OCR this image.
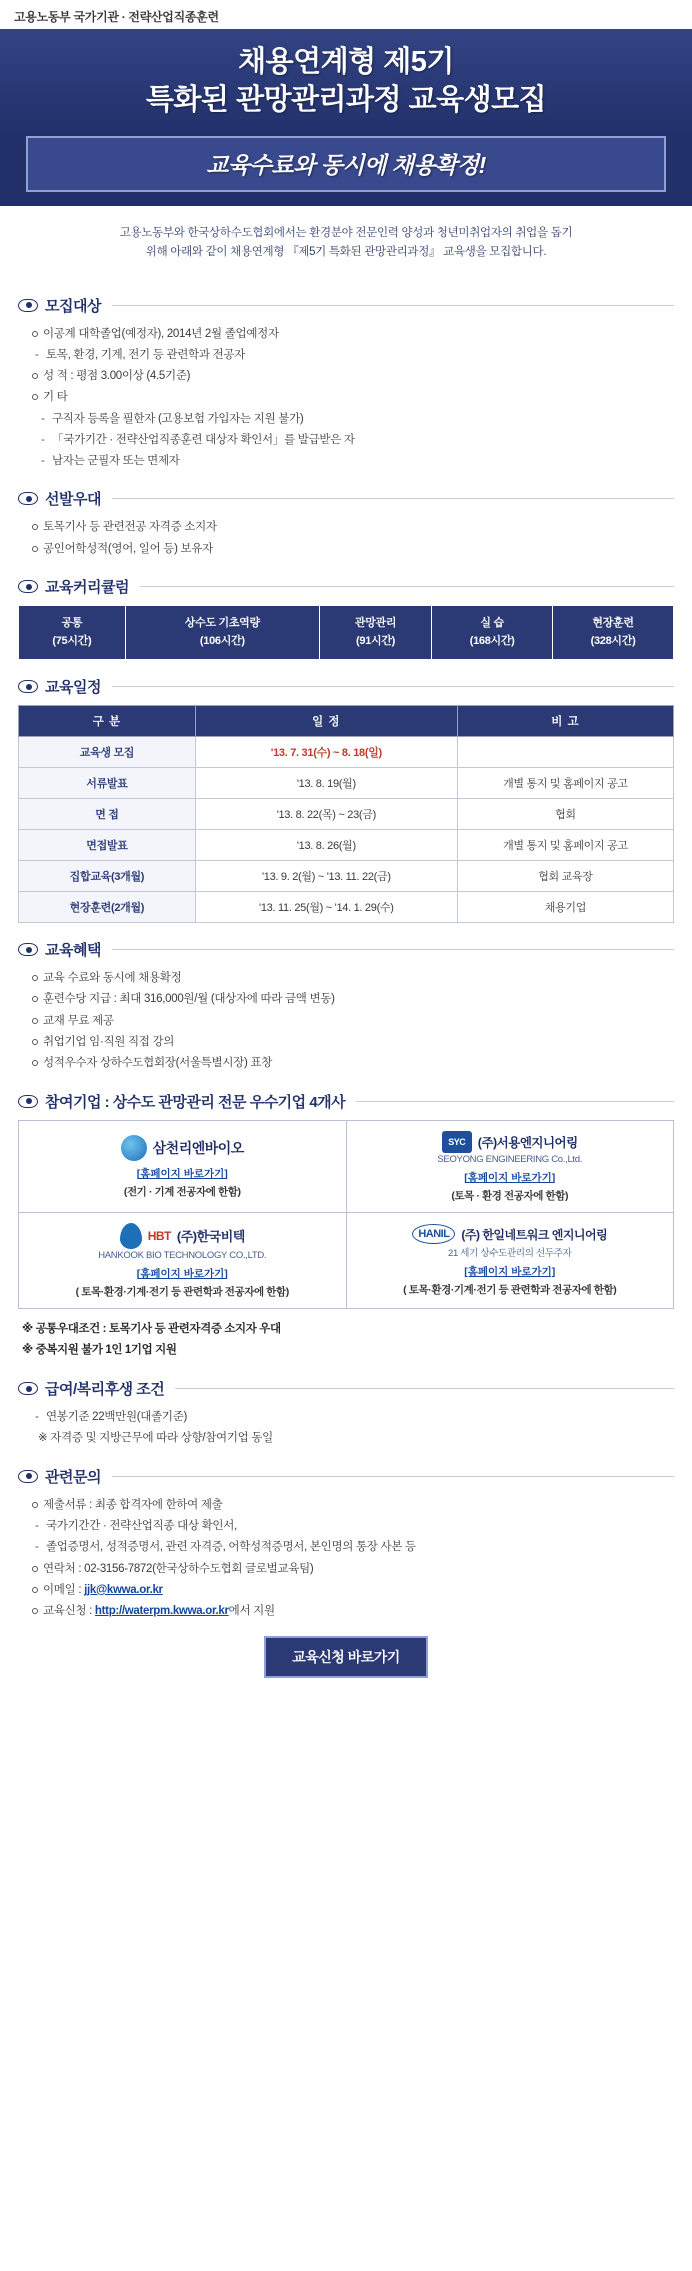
고용노동부 국가기관 · 전략산업직종훈련
채용연계형 제5기
특화된 관망관리과정 교육생모집
교육수료와 동시에 채용확정!
고용노동부와 한국상하수도협회에서는 환경분야 전문인력 양성과 청년미취업자의 취업을 돕기
위해 아래와 같이 채용연계형 『제5기 특화된 관망관리과정』 교육생을 모집합니다.
모집대상
이공계 대학졸업(예정자), 2014년 2월 졸업예정자
- 토목, 환경, 기계, 전기 등 관련학과 전공자
성 적 : 평점 3.00이상 (4.5기준)
기 타
- 구직자 등록을 필한자 (고용보험 가입자는 지원 불가)
- 「국가기간 · 전략산업직종훈련 대상자 확인서」를 발급받은 자
- 남자는 군필자 또는 면제자
선발우대
토목기사 등 관련전공 자격증 소지자
공인어학성적(영어, 일어 등) 보유자
교육커리큘럼
공통
(75시간)

상수도 기초역량
(106시간)

관망관리
(91시간)

실 습
(168시간)

현장훈련
(328시간)
교육일정
구 분	일 정	비 고
교육생 모집	'13. 7. 31(수) ~ 8. 18(일)	
서류발표	'13. 8. 19(월)	개별 통지 및 홈페이지 공고
면 접	'13. 8. 22(목) ~ 23(금)	협회
면접발표	'13. 8. 26(월)	개별 통지 및 홈페이지 공고
집합교육(3개월)	'13. 9. 2(월) ~ '13. 11. 22(금)	협회 교육장
현장훈련(2개월)	'13. 11. 25(월) ~ '14. 1. 29(수)	채용기업
교육혜택
교육 수료와 동시에 채용확정
훈련수당 지급 : 최대 316,000원/월 (대상자에 따라 금액 변동)
교재 무료 제공
취업기업 임·직원 직접 강의
성적우수자 상하수도협회장(서울특별시장) 표창
참여기업 : 상수도 관망관리 전문 우수기업 4개사
삼천리엔바이오
[홈페이지 바로가기]
(전기 · 기계 전공자에 한함)

SYC	(주)서용엔지니어링
SEOYONG ENGINEERING Co.,Ltd.
[홈페이지 바로가기]
(토목 · 환경 전공자에 한함)

HBT (주)한국비텍
HANKOOK BIO TECHNOLOGY CO.,LTD.
[홈페이지 바로가기]
( 토목·환경·기계·전기 등 관련학과 전공자에 한함)

HANIL	(주) 한일네트워크 엔지니어링
21 세기 상수도관리의 선두주자
[홈페이지 바로가기]
( 토목·환경·기계·전기 등 관련학과 전공자에 한함)
※ 공통우대조건 : 토목기사 등 관련자격증 소지자 우대
※ 중복지원 불가 1인 1기업 지원
급여/복리후생 조건
- 연봉기준 22백만원(대졸기준)
※ 자격증 및 지방근무에 따라 상향/참여기업 동일
관련문의
제출서류 : 최종 합격자에 한하여 제출
- 국가기간간 · 전략산업직종 대상 확인서,
- 졸업증명서, 성적증명서, 관련 자격증, 어학성적증명서, 본인명의 통장 사본 등
연락처 : 02-3156-7872(한국상하수도협회 글로벌교육팀)
이메일 : jjk@kwwa.or.kr
교육신청 : http://waterpm.kwwa.or.kr에서 지원
교육신청 바로가기
